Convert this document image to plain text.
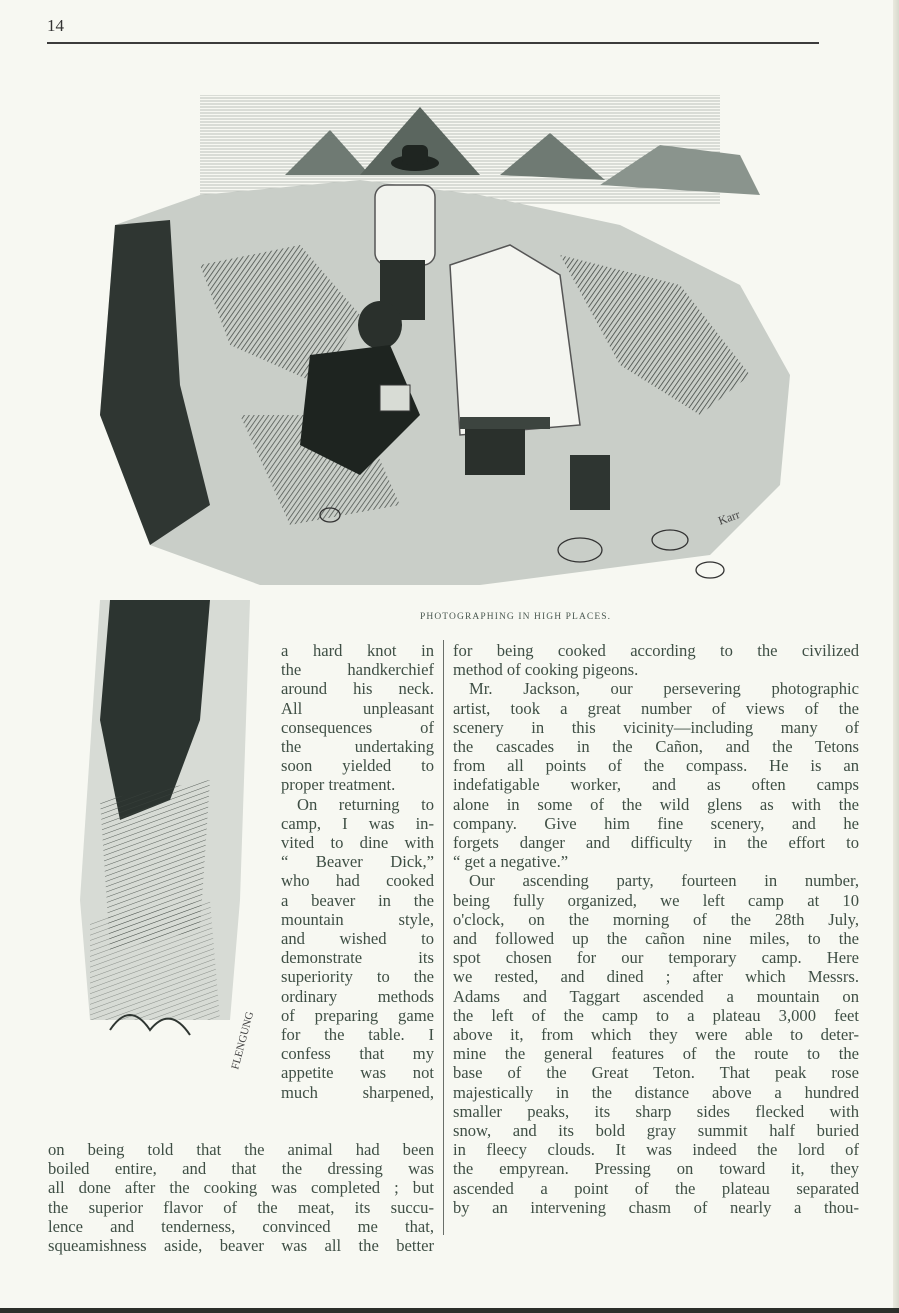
14
Karr
FLENGUNG
PHOTOGRAPHING IN HIGH PLACES.
a hard knot in
the handkerchief
around his neck.
All unpleasant
consequences of
the undertaking
soon yielded to
proper treatment.
On returning to
camp, I was in-
vited to dine with
“ Beaver Dick,”
who had cooked
a beaver in the
mountain style,
and wished to
demonstrate its
superiority to the
ordinary methods
of preparing game
for the table. I
confess that my
appetite was not
much sharpened,
on being told that the animal had been
boiled entire, and that the dressing was
all done after the cooking was completed ; but
the superior flavor of the meat, its succu-
lence and tenderness, convinced me that,
squeamishness aside, beaver was all the better
for being cooked according to the civilized
method of cooking pigeons.
Mr. Jackson, our persevering photographic
artist, took a great number of views of the
scenery in this vicinity—including many of
the cascades in the Cañon, and the Tetons
from all points of the compass. He is an
indefatigable worker, and as often camps
alone in some of the wild glens as with the
company. Give him fine scenery, and he
forgets danger and difficulty in the effort to
“ get a negative.”
Our ascending party, fourteen in number,
being fully organized, we left camp at 10
o'clock, on the morning of the 28th July,
and followed up the cañon nine miles, to the
spot chosen for our temporary camp. Here
we rested, and dined ; after which Messrs.
Adams and Taggart ascended a mountain on
the left of the camp to a plateau 3,000 feet
above it, from which they were able to deter-
mine the general features of the route to the
base of the Great Teton. That peak rose
majestically in the distance above a hundred
smaller peaks, its sharp sides flecked with
snow, and its bold gray summit half buried
in fleecy clouds. It was indeed the lord of
the empyrean. Pressing on toward it, they
ascended a point of the plateau separated
by an intervening chasm of nearly a thou-
